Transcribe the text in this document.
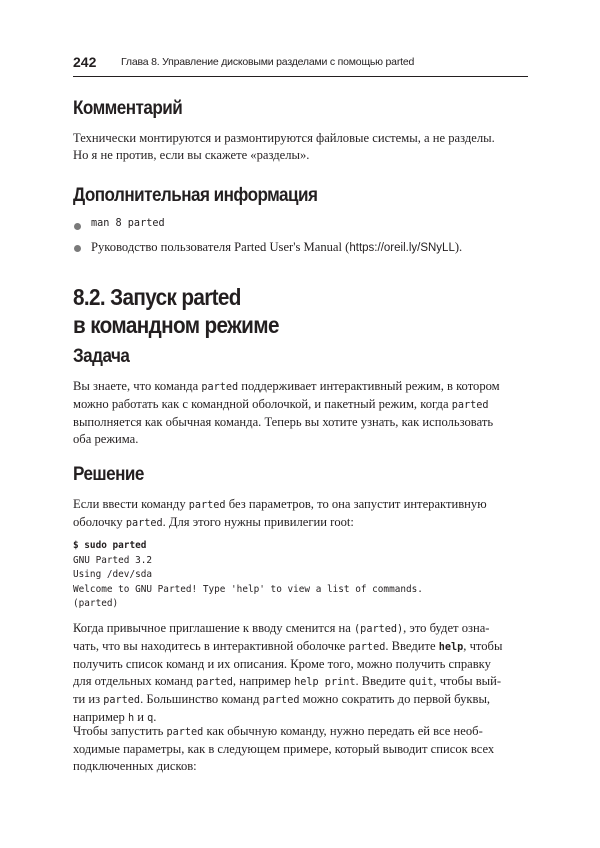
242 Глава 8. Управление дисковыми разделами с помощью parted
Комментарий

Технически монтируются и размонтируются файловые системы, а не разделы.
Но я не против, если вы скажете «разделы».

Дополнительная информация
man 8 parted
Руководство пользователя Parted User's Manual (https://oreil.ly/SNyLL).
8.2. Запуск parted
в командном режиме
Задача

Вы знаете, что команда parted поддерживает интерактивный режим, в котором
можно работать как с командной оболочкой, и пакетный режим, когда parted
выполняется как обычная команда. Теперь вы хотите узнать, как использовать
оба режима.

Решение

Если ввести команду parted без параметров, то она запустит интерактивную
оболочку parted. Для этого нужны привилегии root:

$ sudo parted
GNU Parted 3.2
Using /dev/sda
Welcome to GNU Parted! Type 'help' to view a list of commands.
(parted)

Когда привычное приглашение к вводу сменится на (parted), это будет озна-
чать, что вы находитесь в интерактивной оболочке parted. Введите help, чтобы
получить список команд и их описания. Кроме того, можно получить справку
для отдельных команд parted, например help print. Введите quit, чтобы вый-
ти из parted. Большинство команд parted можно сократить до первой буквы,
например h и q.

Чтобы запустить parted как обычную команду, нужно передать ей все необ-
ходимые параметры, как в следующем примере, который выводит список всех
подключенных дисков:
